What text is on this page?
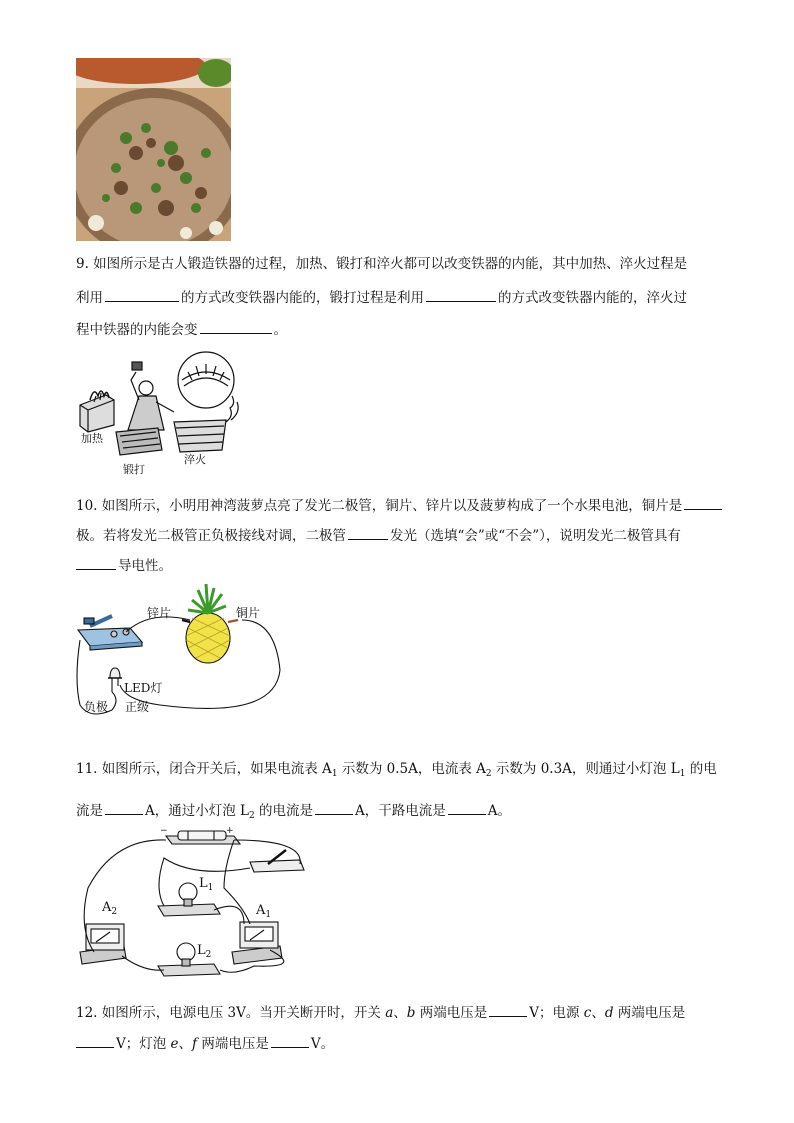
9. 如图所示是古人锻造铁器的过程，加热、锻打和淬火都可以改变铁器的内能，其中加热、淬火过程是
利用	的方式改变铁器内能的，锻打过程是利用	的方式改变铁器内能的，淬火过
程中铁器的内能会变	。
加热
锻打
淬火
10. 如图所示，小明用神湾菠萝点亮了发光二极管，铜片、锌片以及菠萝构成了一个水果电池，铜片是
极。若将发光二极管正负极接线对调，二极管	发光（选填“会”或“不会”），说明发光二极管具有
导电性。
锌片	铜片
LED灯
负极 正级
11. 如图所示，闭合开关后，如果电流表 $A_1$ 示数为 0.5A，电流表 $A_2$ 示数为 0.3A，则通过小灯泡 $L_1$ 的电
流是	A，通过小灯泡 $L_2$ 的电流是	A，干路电流是	A。
$L_1$
$L_2$
$A_2$	$A_1$
−	+
12. 如图所示，电源电压 3V。当开关断开时，开关 a、b 两端电压是	V；电源 c、d 两端电压是
V；灯泡 e、f 两端电压是	V。
